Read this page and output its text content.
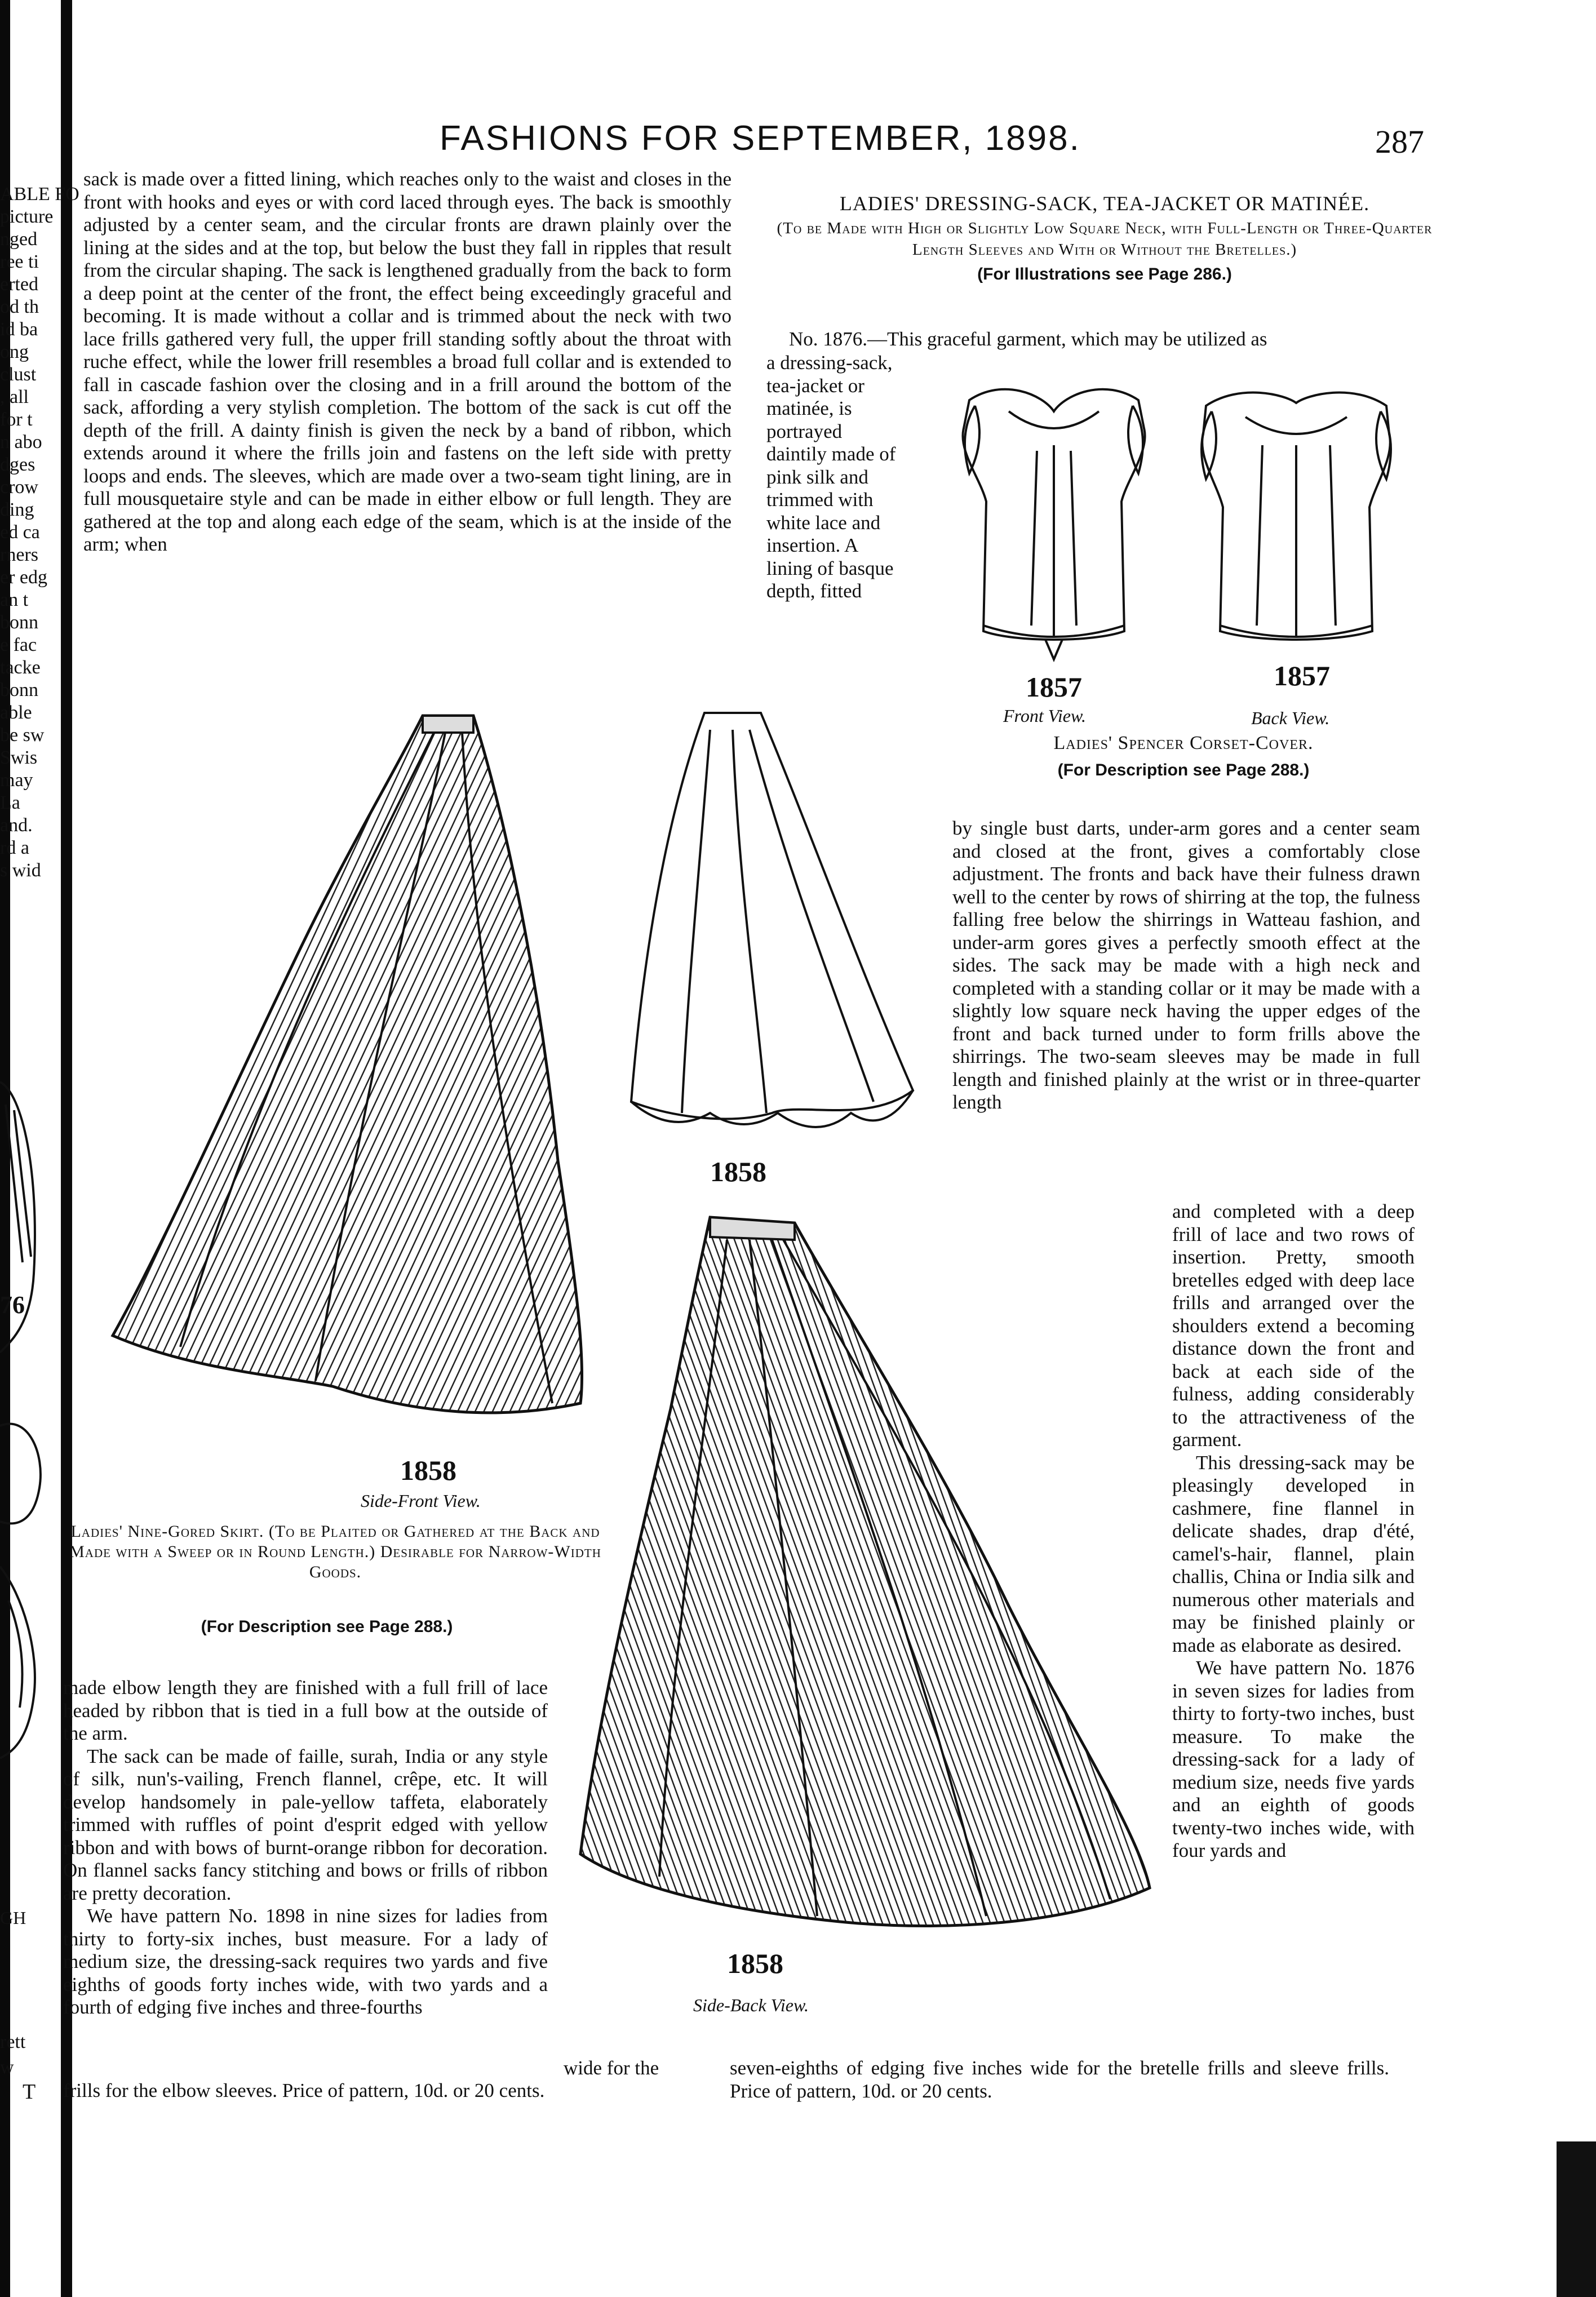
ABLE FO
picture
nged
ree ti
erted
od th
id ba
ong
clust
, all
for t
n abo
dges
crow
ding
ed ca
rners
er edg
an t
bonn
e fac
tacke
bonn
able
be sw
Swis
may
La
and.
rd a
s wid
76
GH
rett
w
T
FASHIONS FOR SEPTEMBER, 1898.	287

sack is made over a fitted lining, which reaches only to the waist and closes in the front with hooks and eyes or with cord laced through eyes. The back is smoothly adjusted by a center seam, and the circular fronts are drawn plainly over the lining at the sides and at the top, but below the bust they fall in ripples that result from the circular shaping. The sack is lengthened gradually from the back to form a deep point at the center of the front, the effect being exceedingly graceful and becoming. It is made without a collar and is trimmed about the neck with two lace frills gathered very full, the upper frill standing softly about the throat with ruche effect, while the lower frill resembles a broad full collar and is extended to fall in cascade fashion over the closing and in a frill around the bottom of the sack, affording a very stylish completion. The bottom of the sack is cut off the depth of the frill. A dainty finish is given the neck by a band of ribbon, which extends around it where the frills join and fastens on the left side with pretty loops and ends. The sleeves, which are made over a two-seam tight lining, are in full mousquetaire style and can be made in either elbow or full length. They are gathered at the top and along each edge of the seam, which is at the inside of the arm; when

LADIES' DRESSING-SACK, TEA-JACKET OR MATINÉE.
(To be Made with High or Slightly Low Square Neck, with Full-Length or Three-Quarter Length Sleeves and With or Without the Bretelles.)
(For Illustrations see Page 286.)
No. 1876.—This graceful garment, which may be utilized as
a dressing-sack, tea-jacket or matinée, is portrayed daintily made of pink silk and trimmed with white lace and insertion. A lining of basque depth, fitted
1857	1857
Front View.	Back View.
Ladies' Spencer Corset-Cover.
(For Description see Page 288.)
by single bust darts, under-arm gores and a center seam and closed at the front, gives a comfortably close adjustment. The fronts and back have their fulness drawn well to the center by rows of shirring at the top, the fulness falling free below the shirrings in Watteau fashion, and under-arm gores gives a perfectly smooth effect at the sides. The sack may be made with a high neck and completed with a standing collar or it may be made with a slightly low square neck having the upper edges of the front and back turned under to form frills above the shirrings. The two-seam sleeves may be made in full length and finished plainly at the wrist or in three-quarter length

and completed with a deep frill of lace and two rows of insertion. Pretty, smooth bretelles edged with deep lace frills and arranged over the shoulders extend a becoming distance down the front and back at each side of the fulness, adding considerably to the attractiveness of the garment.

This dressing-sack may be pleasingly developed in cashmere, fine flannel in delicate shades, drap d'été, camel's-hair, flannel, plain challis, China or India silk and numerous other materials and may be finished plainly or made as elaborate as desired.

We have pattern No. 1876 in seven sizes for ladies from thirty to forty-two inches, bust measure. To make the dressing-sack for a lady of medium size, needs five yards and an eighth of goods twenty-two inches wide, with four yards and

seven-eighths of edging five inches wide for the bretelle frills and sleeve frills. Price of pattern, 10d. or 20 cents.
1858
Side-Front View.
1858
1858
Side-Back View.
Ladies' Nine-Gored Skirt. (To be Plaited or Gathered at the Back and Made with a Sweep or in Round Length.) Desirable for Narrow-Width Goods.
(For Description see Page 288.)

made elbow length they are finished with a full frill of lace headed by ribbon that is tied in a full bow at the outside of the arm.

The sack can be made of faille, surah, India or any style of silk, nun's-vailing, French flannel, crêpe, etc. It will develop handsomely in pale-yellow taffeta, elaborately trimmed with ruffles of point d'esprit edged with yellow ribbon and with bows of burnt-orange ribbon for decoration. On flannel sacks fancy stitching and bows or frills of ribbon are pretty decoration.

We have pattern No. 1898 in nine sizes for ladies from thirty to forty-six inches, bust measure. For a lady of medium size, the dressing-sack requires two yards and five eighths of goods forty inches wide, with two yards and a fourth of edging five inches and three-fourths

wide for the
frills for the elbow sleeves. Price of pattern, 10d. or 20 cents.
